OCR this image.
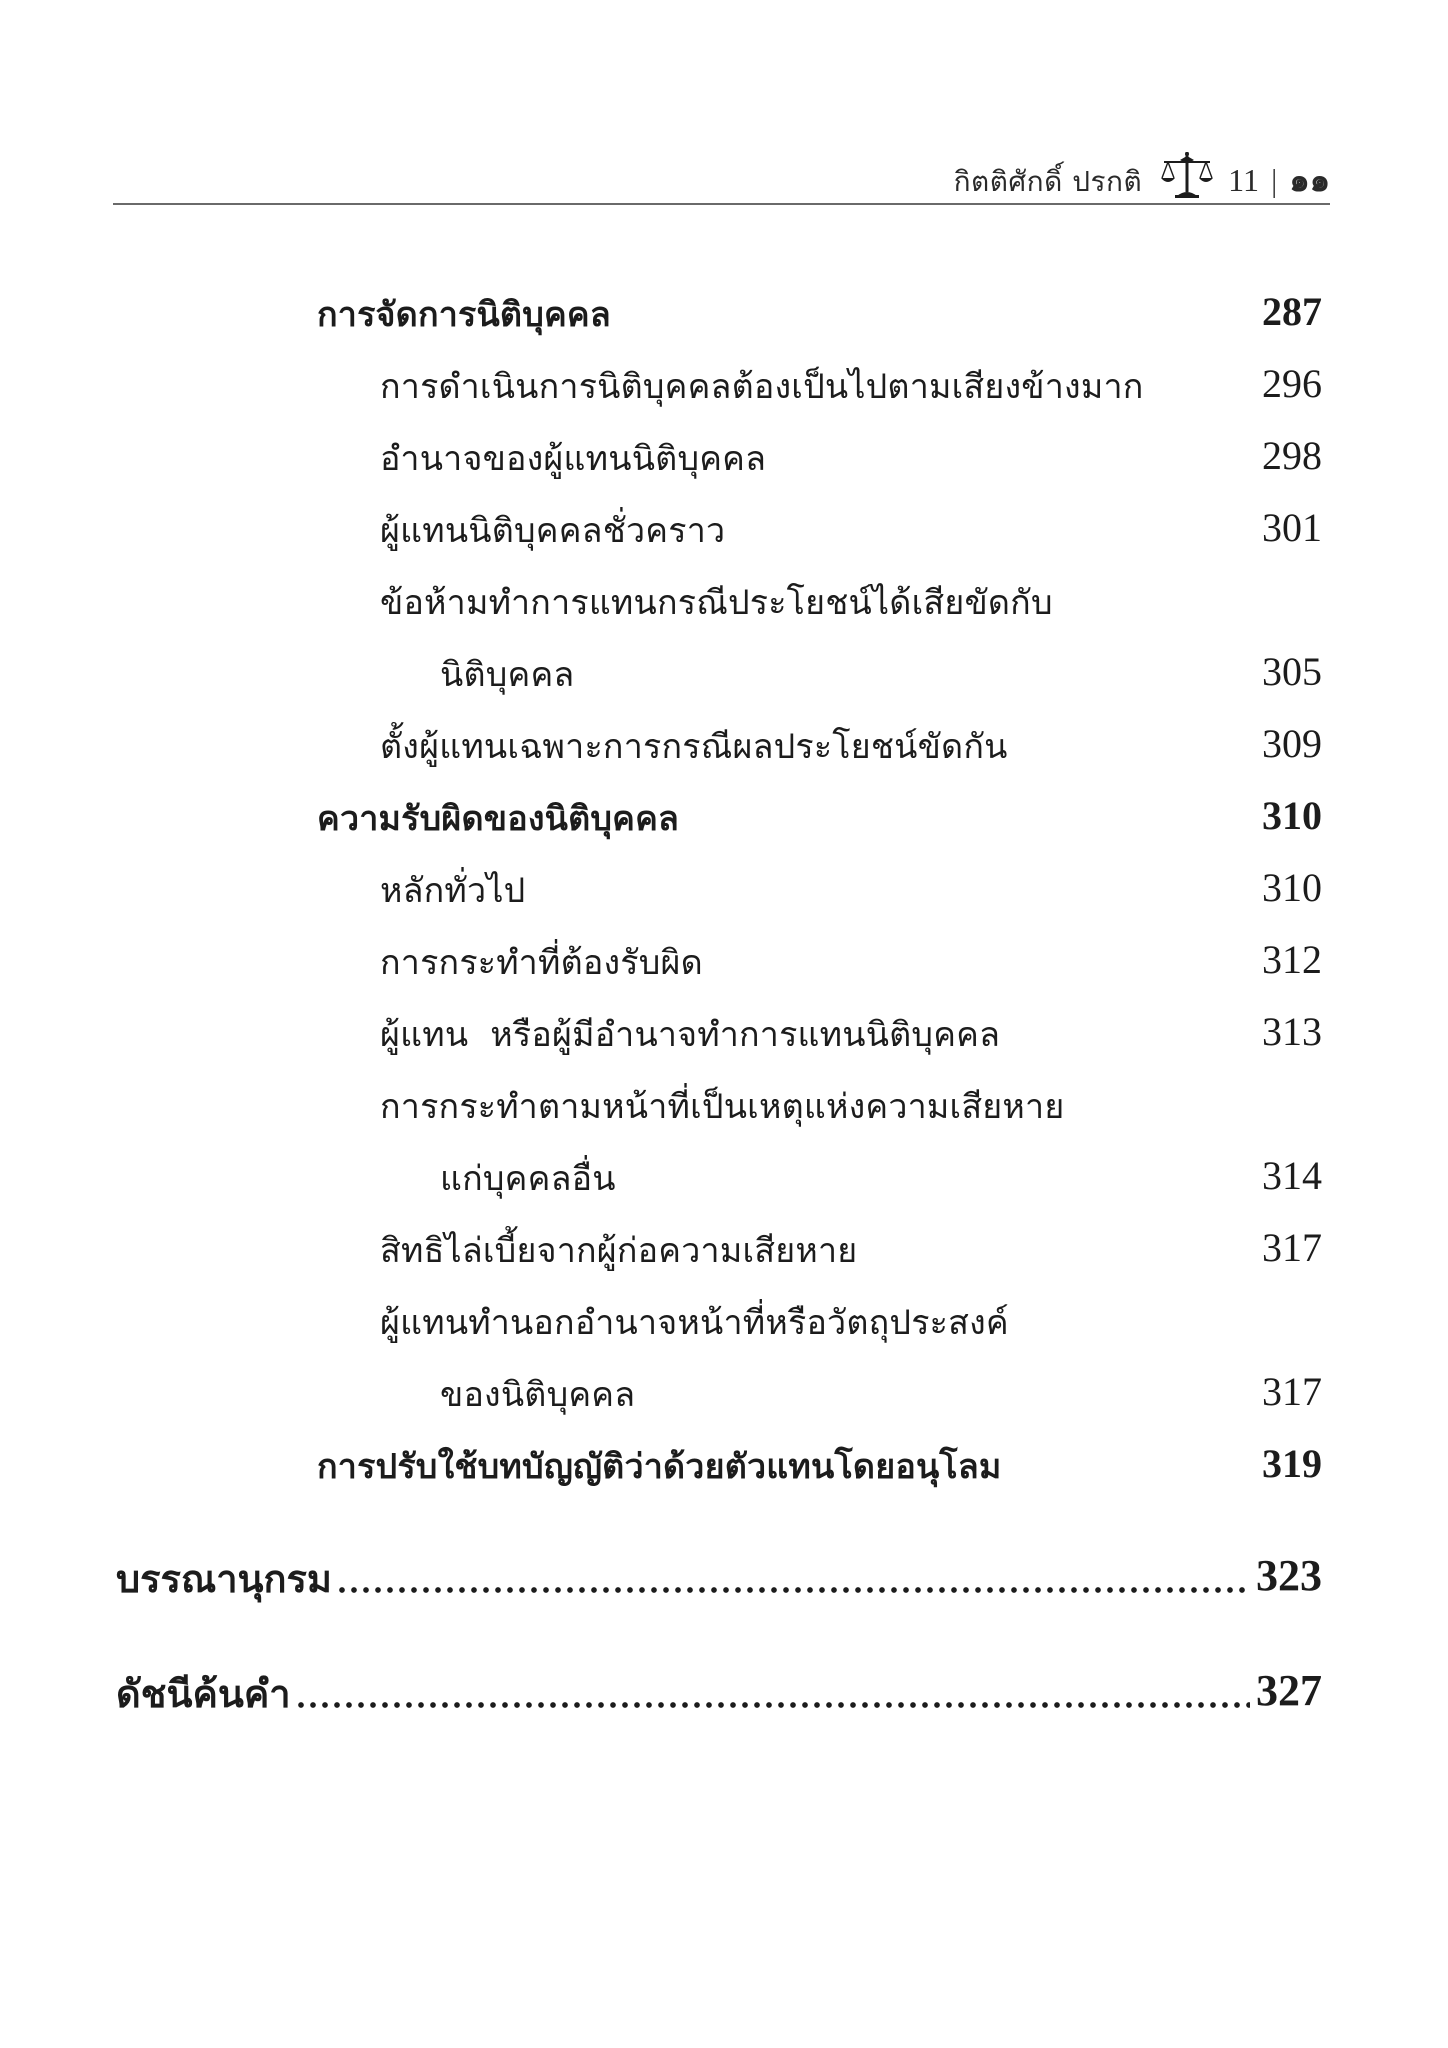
กิตติศักดิ์ ปรกติ	11 | ๑๑
การจัดการนิติบุคคล	287
การดำเนินการนิติบุคคลต้องเป็นไปตามเสียงข้างมาก	296
อำนาจของผู้แทนนิติบุคคล	298
ผู้แทนนิติบุคคลชั่วคราว	301
ข้อห้ามทำการแทนกรณีประโยชน์ได้เสียขัดกับ
นิติบุคคล	305
ตั้งผู้แทนเฉพาะการกรณีผลประโยชน์ขัดกัน	309
ความรับผิดของนิติบุคคล	310
หลักทั่วไป	310
การกระทำที่ต้องรับผิด	312
ผู้แทน  หรือผู้มีอำนาจทำการแทนนิติบุคคล	313
การกระทำตามหน้าที่เป็นเหตุแห่งความเสียหาย
แก่บุคคลอื่น	314
สิทธิไล่เบี้ยจากผู้ก่อความเสียหาย	317
ผู้แทนทำนอกอำนาจหน้าที่หรือวัตถุประสงค์
ของนิติบุคคล	317
การปรับใช้บทบัญญัติว่าด้วยตัวแทนโดยอนุโลม	319
บรรณานุกรม	323
ดัชนีค้นคำ	327
